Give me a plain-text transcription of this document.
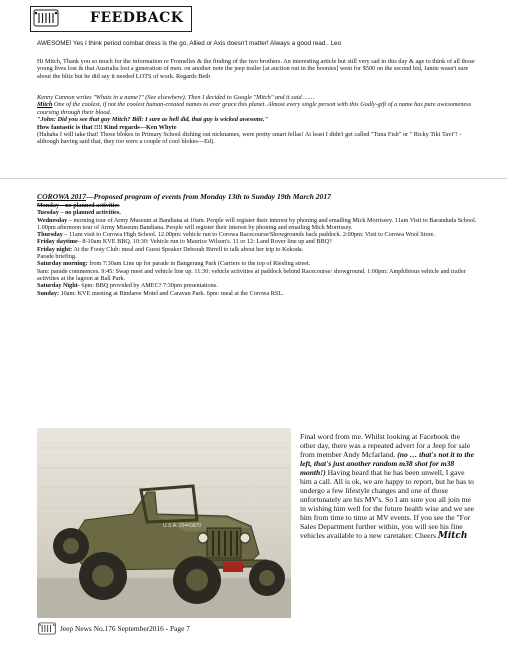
FEEDBACK
AWESOME! Yes I think period combat dress is the go, Allied or Axis doesn't matter! Always a good read.. Leo
Hi Mitch, Thank you so much for the information re Fromelles & the finding of the two brothers. An interesting article but still very sad in this day & age to think of all those young lives lost & that Australia lost a generation of men. on another note the jeep trailer [at auction out in the boonies] went for $500 on the second bid, Jamie wasn't sure about the blitz but he did say it needed LOTS of work. Regards Beth
Kenny Cannon writes "Whats in a name?" (See elsewhere). Then I decided to Google "Mitch" and it said ……
Mitch One of the coolest, if not the coolest human-created names to ever grace this planet. Almost every single person with this Godly-gift of a name has pure awesomeness coursing through their blood.
"John: Did you see that guy Mitch? Bill: I sure as hell did, that guy is wicked awesome."
How fantastic is that !!!! Kind regards—Ken Whyte
(Hahaha I will take that! Those blokes in Primary School dishing out nicknames, were pretty smart fellas! At least I didn't get called "Tuna Fish" or " Ricky Tiki Tavi"! - although having said that, they too were a couple of cool blokes—Ed).
COROWA 2017—Proposed program of events from Monday 13th to Sunday 19th March 2017
Monday – no planned activities
Tuesday – no planned activities.
Wednesday – morning tour of Army Museum at Bandiana at 10am. People will register their interest by phoning and emailing Mick Morrissey. 11am Visit to Baranduda School. 1.00pm afternoon tour of Army Museum Bandiana. People will register their interest by phoning and emailing Mick Morrissey.
Thursday – 11am visit to Corowa High School. 12.00pm: vehicle run to Corowa Racecourse/Showgrounds back paddock. 2:00pm: Visit to Corowa Wool Store.
Friday daytime– 8-10am KVE BBQ. 10:30: Vehicle run to Maurice Wilson's. 11 or 12: Land Rover line up and BBQ?
Friday night: At the Footy Club: meal and Guest Speaker Deborah Birrell to talk about her trip to Kokoda.
Parade briefing.
Saturday morning: from 7:30am Line up for parade in Bangerang Park (Carriers to the top of Riesling street.
9am: parade commences. 9:45: Swap meet and vehicle line up. 11:30: vehicle activities at paddock behind Racecourse/ showground. 1:00pm: Amphibious vehicle and trailer activities at the lagoon at Ball Park.
Saturday Night- 6pm: BBQ provided by AMEC? 7:30pm presentations.
Sunday: 10am: KVE meeting at Bindaree Motel and Caravan Park. 6pm: meal at the Corowa RSL.
U.S.A. 20443870
Final word from me. Whilst looking at Facebook the other day, there was a repeated advert for a Jeep for sale from member Andy Mcfarland. (no … that's not it to the left, that's just another random m38 shot for m38 month!) Having heard that he has been unwell, I gave him a call. All is ok, we are happy to report, but he has to undergo a few lifestyle changes and one of those unfortunately are his MV's. So I am sure you all join me in wishing him well for the future health wise and we see him from time to time at MV events. If you see the "For Sales Department further within, you will see his fine vehicles available to a new caretaker. Cheers Mitch
Jeep News No.176 September2016 - Page 7
